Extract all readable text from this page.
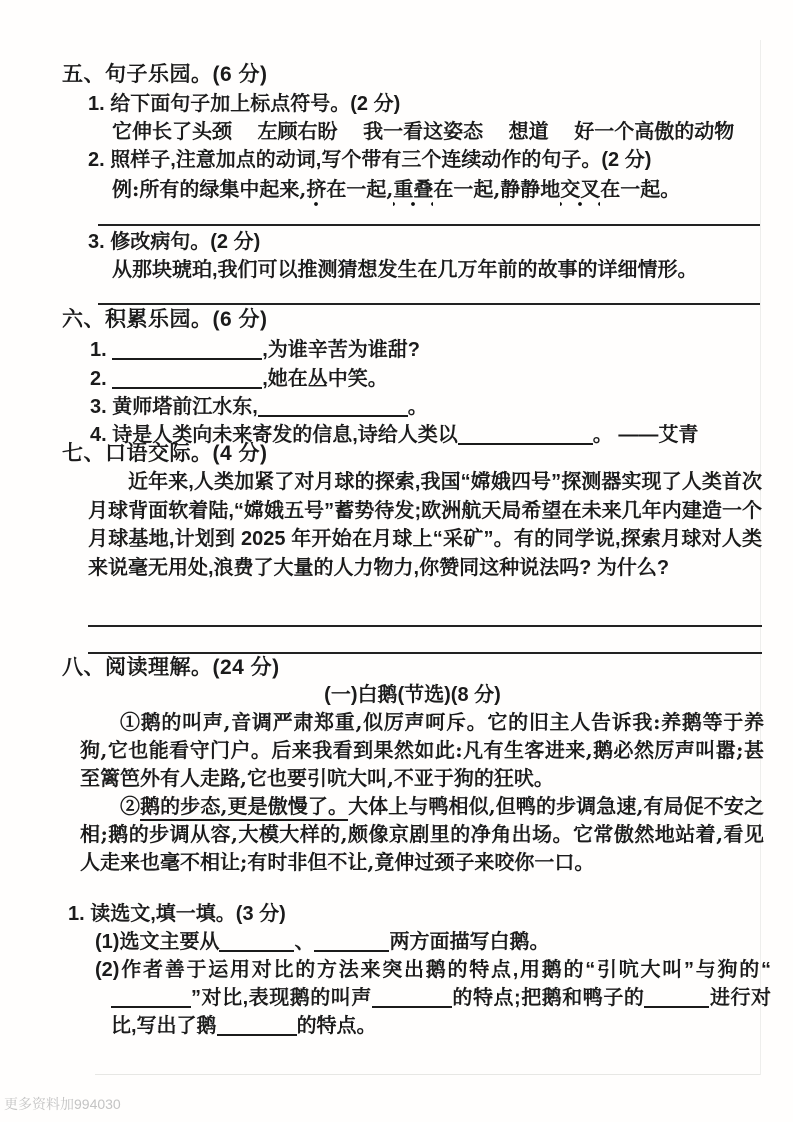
五、句子乐园。(6 分)
1. 给下面句子加上标点符号。(2 分)
它伸长了头颈　 左顾右盼　 我一看这姿态　 想道　 好一个高傲的动物
2. 照样子,注意加点的动词,写个带有三个连续动作的句子。(2 分)
例:所有的绿集中起来,挤在一起,重叠在一起,静静地交叉在一起。
3. 修改病句。(2 分)
从那块琥珀,我们可以推测猜想发生在几万年前的故事的详细情形。
六、积累乐园。(6 分)
1.	,为谁辛苦为谁甜?
2.	,她在丛中笑。
3. 黄师塔前江水东,	。
4. 诗是人类向未来寄发的信息,诗给人类以	。 ——艾青
七、口语交际。(4 分)
近年来,人类加紧了对月球的探索,我国“嫦娥四号”探测器实现了人类首次月球背面软着陆,“嫦娥五号”蓄势待发;欧洲航天局希望在未来几年内建造一个月球基地,计划到 2025 年开始在月球上“采矿”。有的同学说,探索月球对人类来说毫无用处,浪费了大量的人力物力,你赞同这种说法吗? 为什么?
八、阅读理解。(24 分)
(一)白鹅(节选)(8 分)
①鹅的叫声,音调严肃郑重,似厉声呵斥。它的旧主人告诉我:养鹅等于养狗,它也能看守门户。后来我看到果然如此:凡有生客进来,鹅必然厉声叫嚣;甚至篱笆外有人走路,它也要引吭大叫,不亚于狗的狂吠。
②鹅的步态,更是傲慢了。大体上与鸭相似,但鸭的步调急速,有局促不安之相;鹅的步调从容,大模大样的,颇像京剧里的净角出场。它常傲然地站着,看见人走来也毫不相让;有时非但不让,竟伸过颈子来咬你一口。
1. 读选文,填一填。(3 分)
(1)选文主要从	、	两方面描写白鹅。
(2)作者善于运用对比的方法来突出鹅的特点,用鹅的“引吭大叫”与狗的“”对比,表现鹅的叫声	的特点;把鹅和鸭子的	进行对比,写出了鹅	的特点。
更多资料加994030
